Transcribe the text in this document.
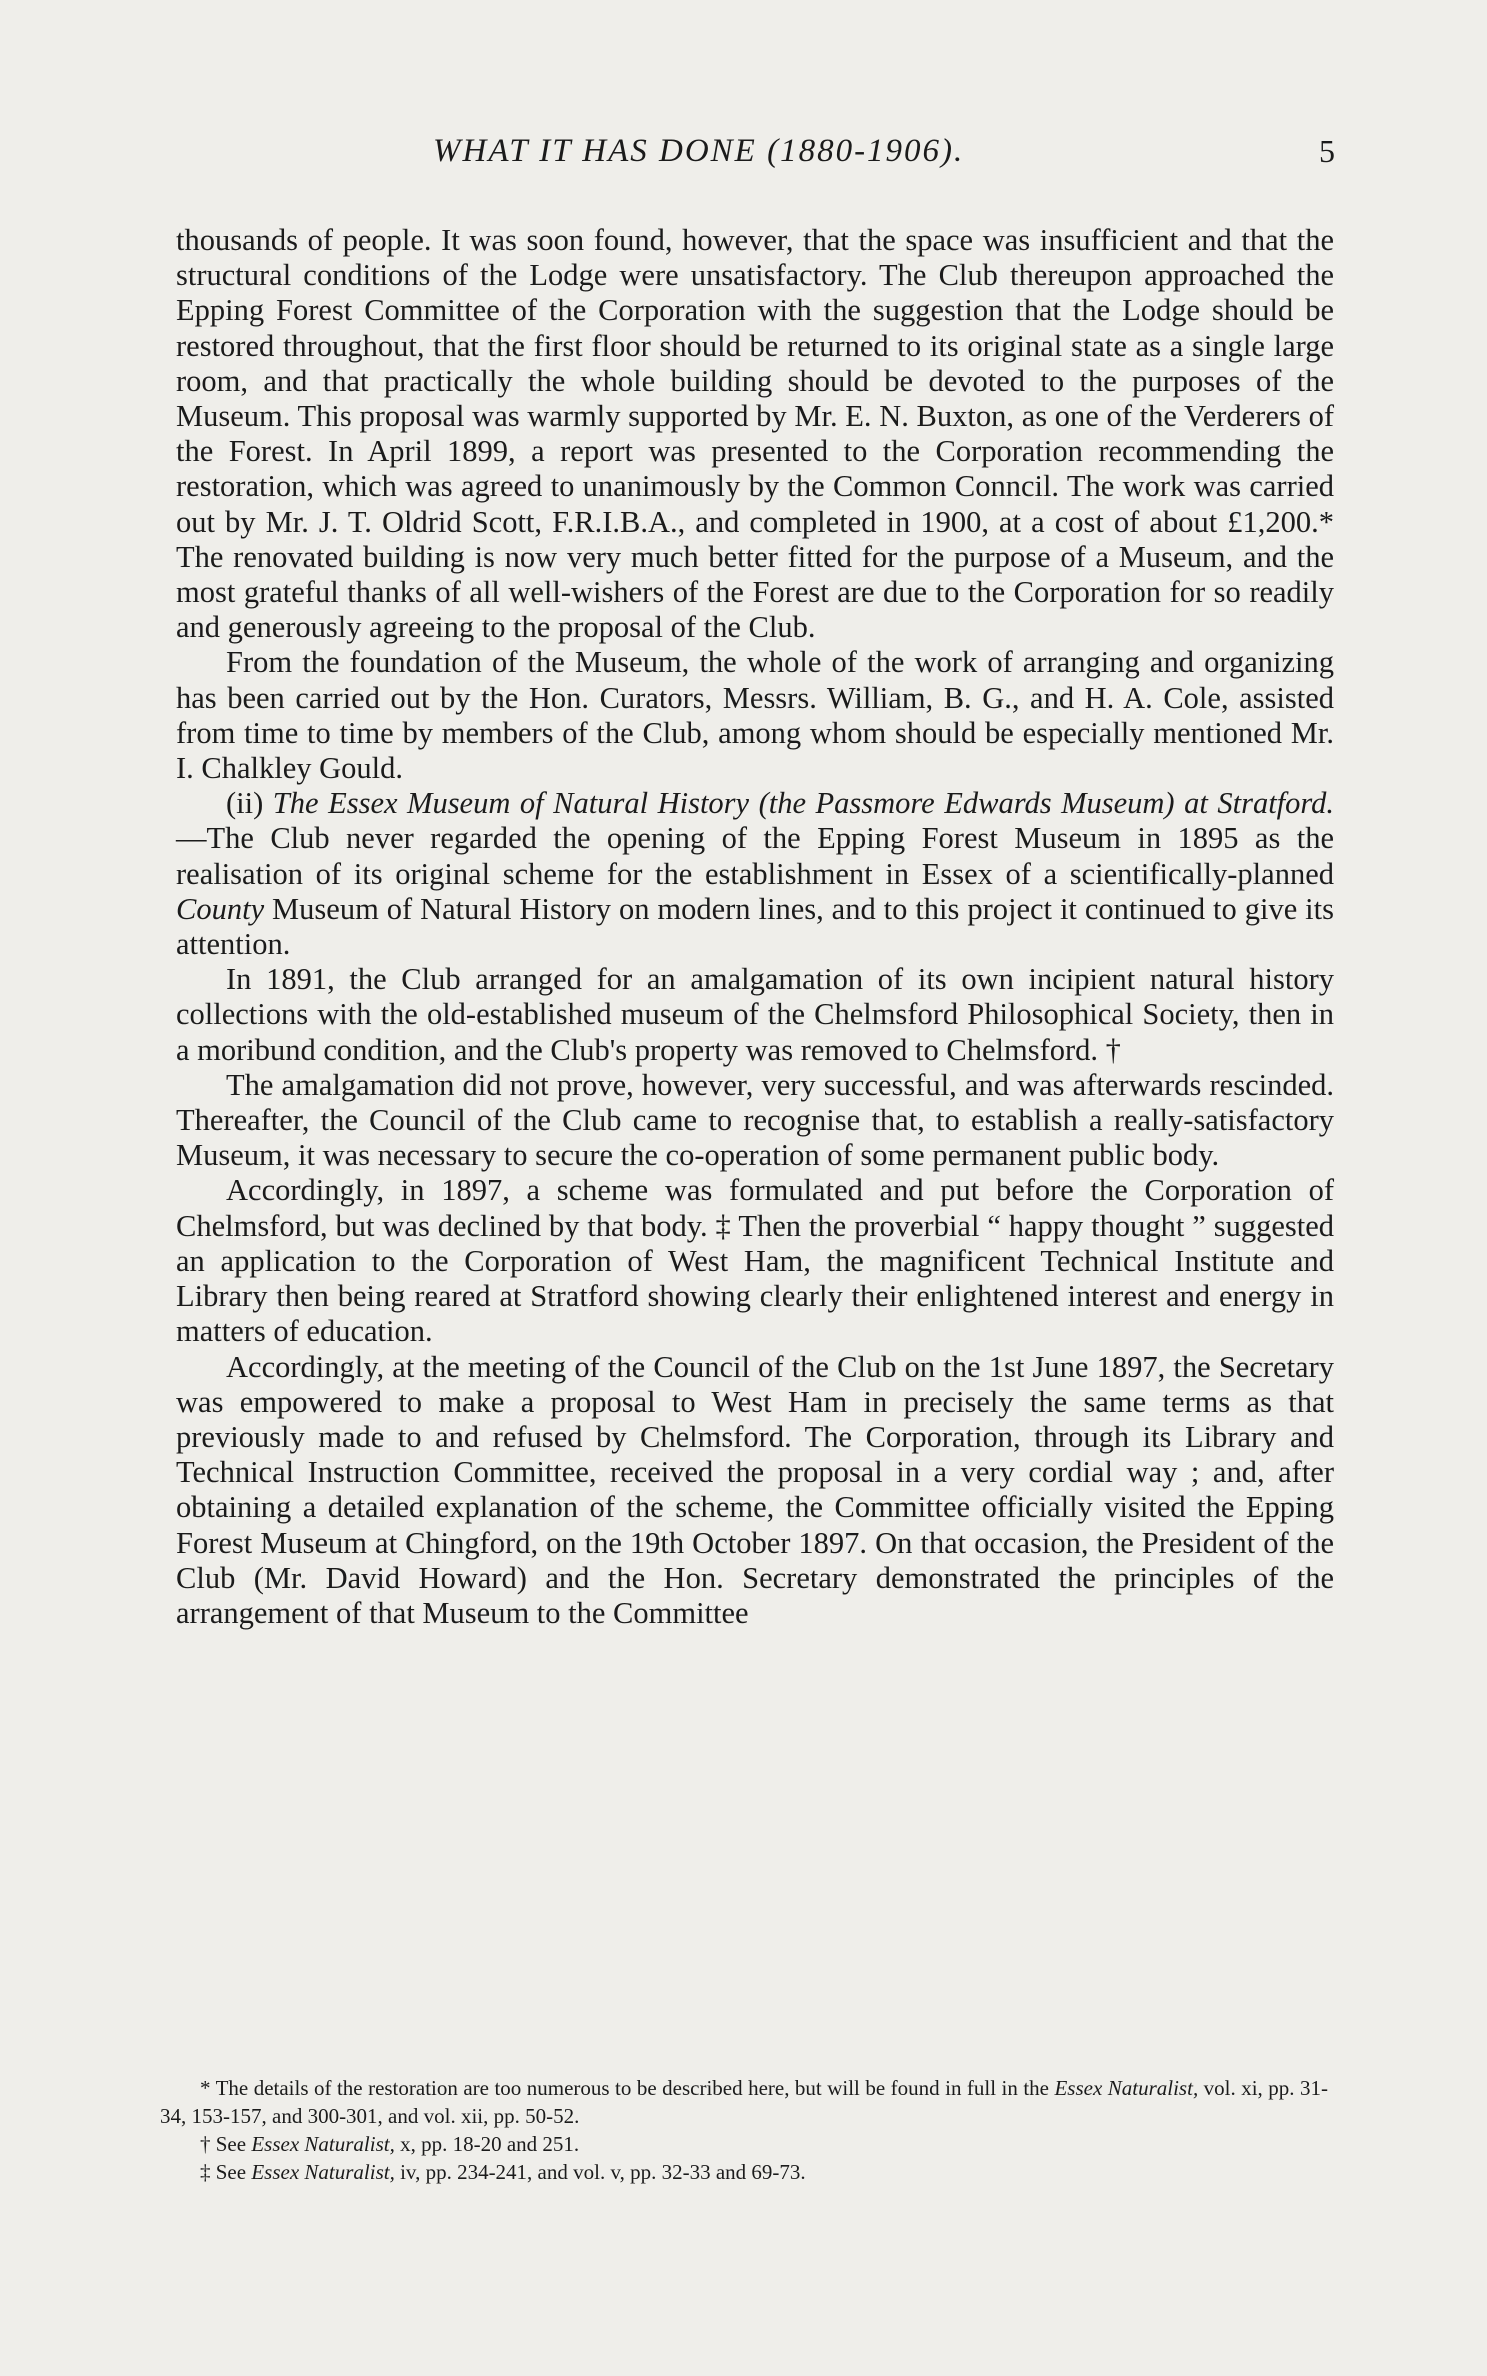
WHAT IT HAS DONE (1880-1906).	5

thousands of people. It was soon found, however, that the space was insufficient and that the structural conditions of the Lodge were unsatisfactory. The Club thereupon approached the Epping Forest Committee of the Corporation with the suggestion that the Lodge should be restored throughout, that the first floor should be returned to its original state as a single large room, and that practically the whole building should be devoted to the purposes of the Museum. This proposal was warmly supported by Mr. E. N. Buxton, as one of the Verderers of the Forest. In April 1899, a report was presented to the Corporation recommending the restoration, which was agreed to unanimously by the Common Conncil. The work was carried out by Mr. J. T. Oldrid Scott, F.R.I.B.A., and completed in 1900, at a cost of about £1,200.* The renovated building is now very much better fitted for the purpose of a Museum, and the most grateful thanks of all well-wishers of the Forest are due to the Corporation for so readily and generously agreeing to the proposal of the Club.

From the foundation of the Museum, the whole of the work of arranging and organizing has been carried out by the Hon. Curators, Messrs. William, B. G., and H. A. Cole, assisted from time to time by members of the Club, among whom should be especially mentioned Mr. I. Chalkley Gould.

(ii) The Essex Museum of Natural History (the Passmore Edwards Museum) at Stratford.—The Club never regarded the opening of the Epping Forest Museum in 1895 as the realisation of its original scheme for the establishment in Essex of a scientifically-planned County Museum of Natural History on modern lines, and to this project it continued to give its attention.

In 1891, the Club arranged for an amalgamation of its own incipient natural history collections with the old-established museum of the Chelmsford Philosophical Society, then in a moribund condition, and the Club's property was removed to Chelmsford. †

The amalgamation did not prove, however, very successful, and was afterwards rescinded. Thereafter, the Council of the Club came to recognise that, to establish a really-satisfactory Museum, it was necessary to secure the co-operation of some permanent public body.

Accordingly, in 1897, a scheme was formulated and put before the Corporation of Chelmsford, but was declined by that body. ‡ Then the proverbial “ happy thought ” suggested an application to the Corporation of West Ham, the magnificent Technical Institute and Library then being reared at Stratford showing clearly their enlightened interest and energy in matters of education.

Accordingly, at the meeting of the Council of the Club on the 1st June 1897, the Secretary was empowered to make a proposal to West Ham in precisely the same terms as that previously made to and refused by Chelmsford. The Corporation, through its Library and Technical Instruction Committee, received the proposal in a very cordial way ; and, after obtaining a detailed explanation of the scheme, the Committee officially visited the Epping Forest Museum at Chingford, on the 19th October 1897. On that occasion, the President of the Club (Mr. David Howard) and the Hon. Secretary demonstrated the principles of the arrangement of that Museum to the Committee

* The details of the restoration are too numerous to be described here, but will be found in full in the Essex Naturalist, vol. xi, pp. 31-34, 153-157, and 300-301, and vol. xii, pp. 50-52.

† See Essex Naturalist, x, pp. 18-20 and 251.

‡ See Essex Naturalist, iv, pp. 234-241, and vol. v, pp. 32-33 and 69-73.
